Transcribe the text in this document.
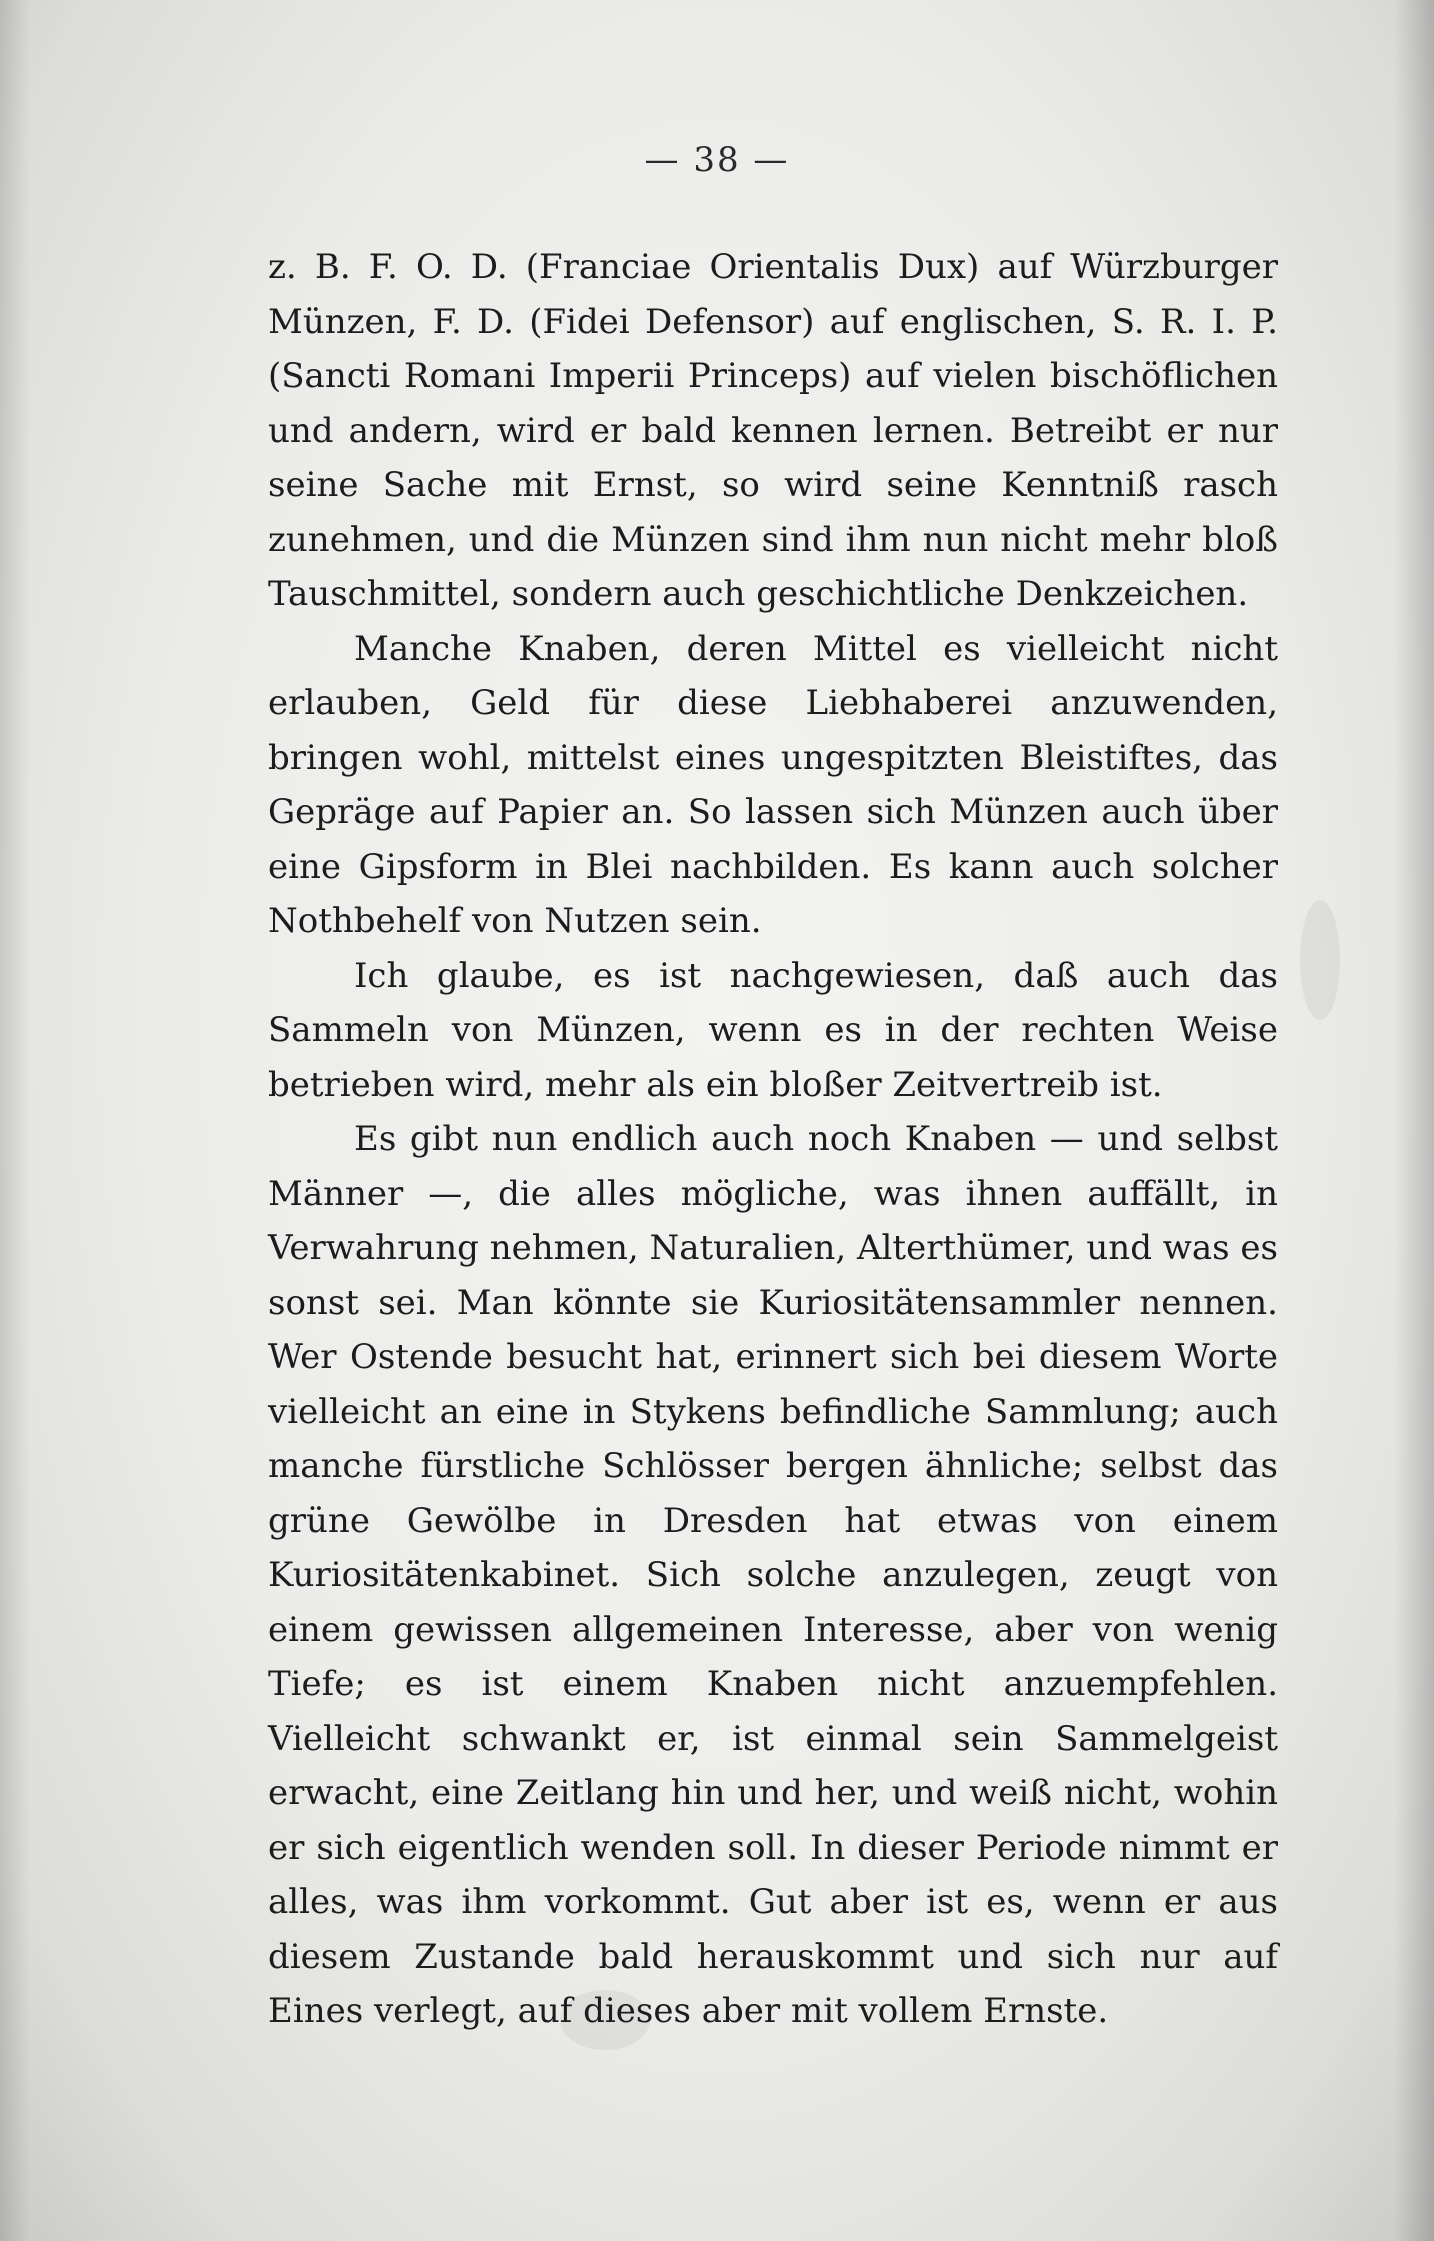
— 38 —

z. B. F. O. D. (Franciae Orientalis Dux) auf Würzburger Münzen, F. D. (Fidei Defensor) auf englischen, S. R. I. P. (Sancti Romani Imperii Princeps) auf vielen bischöflichen und andern, wird er bald kennen lernen. Betreibt er nur seine Sache mit Ernst, so wird seine Kenntniß rasch zunehmen, und die Münzen sind ihm nun nicht mehr bloß Tauschmittel, sondern auch geschichtliche Denkzeichen.

Manche Knaben, deren Mittel es vielleicht nicht erlauben, Geld für diese Liebhaberei anzuwenden, bringen wohl, mittelst eines ungespitzten Bleistiftes, das Gepräge auf Papier an. So lassen sich Münzen auch über eine Gipsform in Blei nachbilden. Es kann auch solcher Nothbehelf von Nutzen sein.

Ich glaube, es ist nachgewiesen, daß auch das Sammeln von Münzen, wenn es in der rechten Weise betrieben wird, mehr als ein bloßer Zeitvertreib ist.

Es gibt nun endlich auch noch Knaben — und selbst Männer —, die alles mögliche, was ihnen auffällt, in Verwahrung nehmen, Naturalien, Alterthümer, und was es sonst sei. Man könnte sie Kuriositätensammler nennen. Wer Ostende besucht hat, erinnert sich bei diesem Worte vielleicht an eine in Stykens befindliche Sammlung; auch manche fürstliche Schlösser bergen ähnliche; selbst das grüne Gewölbe in Dresden hat etwas von einem Kuriositätenkabinet. Sich solche anzulegen, zeugt von einem gewissen allgemeinen Interesse, aber von wenig Tiefe; es ist einem Knaben nicht anzuempfehlen. Vielleicht schwankt er, ist einmal sein Sammelgeist erwacht, eine Zeitlang hin und her, und weiß nicht, wohin er sich eigentlich wenden soll. In dieser Periode nimmt er alles, was ihm vorkommt. Gut aber ist es, wenn er aus diesem Zustande bald herauskommt und sich nur auf Eines verlegt, auf dieses aber mit vollem Ernste.
